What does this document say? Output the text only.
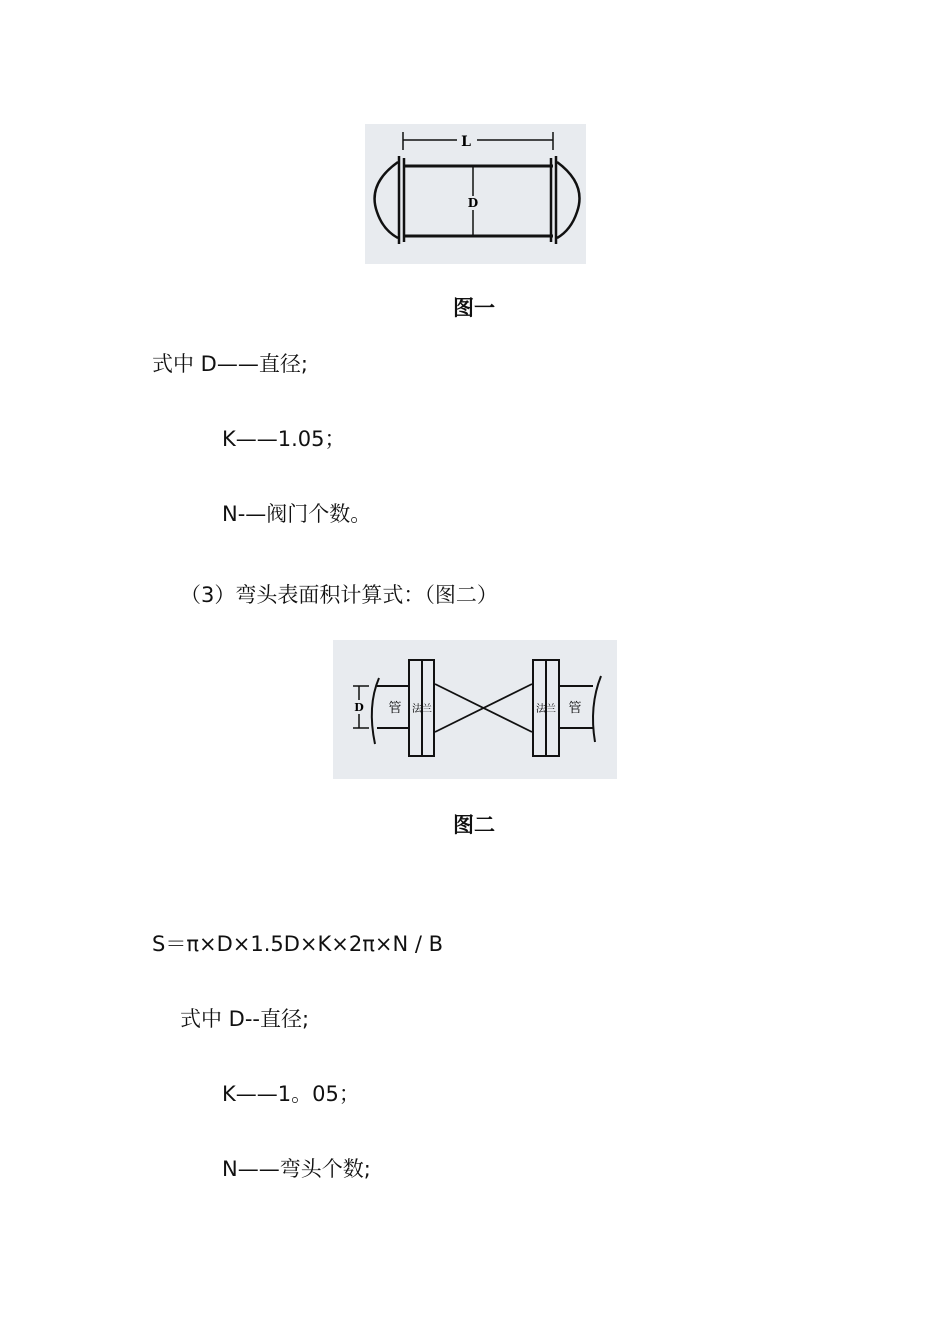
L
D
图一
式中 D——直径;
K——1.05；
N-—阀门个数。
（3）弯头表面积计算式：（图二）
D 管 法兰	法兰 管
图二
S＝π×D×1.5D×K×2π×N / B
式中 D--直径;
K——1。05；
N——弯头个数;
